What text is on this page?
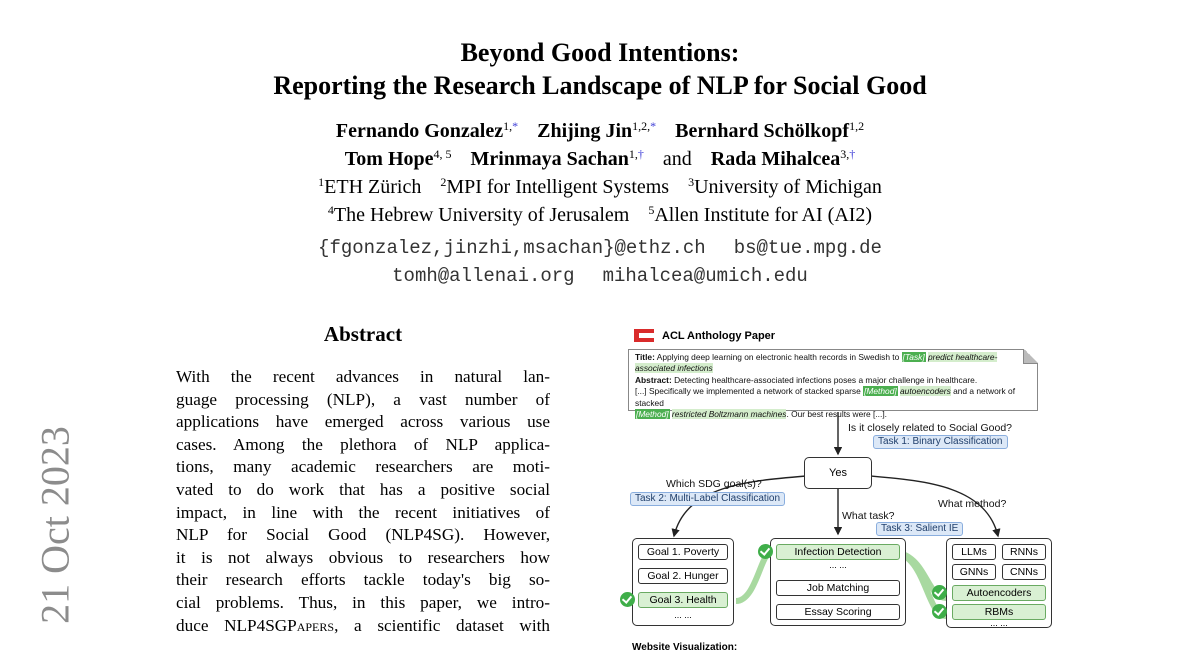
21 Oct 2023
Beyond Good Intentions:
Reporting the Research Landscape of NLP for Social Good
Fernando Gonzalez$^{1,*}$ Zhijing Jin$^{1,2,*}$ Bernhard Schölkopf$^{1,2}$
Tom Hope$^{4, 5}$ Mrinmaya Sachan$^{1,\dagger}$ and Rada Mihalcea$^{3,\dagger}$
$^1$ETH Zürich $^2$MPI for Intelligent Systems $^3$University of Michigan
$^4$The Hebrew University of Jerusalem $^5$Allen Institute for AI (AI2)
{fgonzalez,jinzhi,msachan}@ethz.ch bs@tue.mpg.de
tomh@allenai.org mihalcea@umich.edu
Abstract
With the recent advances in natural lan-
guage processing (NLP), a vast number of
applications have emerged across various use
cases. Among the plethora of NLP applica-
tions, many academic researchers are moti-
vated to do work that has a positive social
impact, in line with the recent initiatives of
NLP for Social Good (NLP4SG). However,
it is not always obvious to researchers how
their research efforts tackle today's big so-
cial problems. Thus, in this paper, we intro-
duce NLP4SGPapers, a scientific dataset with
ACL Anthology Paper
Title: Applying deep learning on electronic health records in Swedish to [Task] predict healthcare-associated infections
Abstract: Detecting healthcare-associated infections poses a major challenge in healthcare.
[...] Specifically we implemented a network of stacked sparse [Method] autoencoders and a network of stacked
[Method] restricted Boltzmann machines. Our best results were [...].
Is it closely related to Social Good?
Task 1: Binary Classification
Yes
Which SDG goal(s)?
Task 2: Multi-Label Classification
What task?
Task 3: Salient IE
What method?
Goal 1. Poverty
Goal 2. Hunger
Goal 3. Health
... ...
Infection Detection
... ...
Job Matching
Essay Scoring
LLMs	RNNs
GNNs	CNNs
Autoencoders
RBMs
... ...
Website Visualization:
